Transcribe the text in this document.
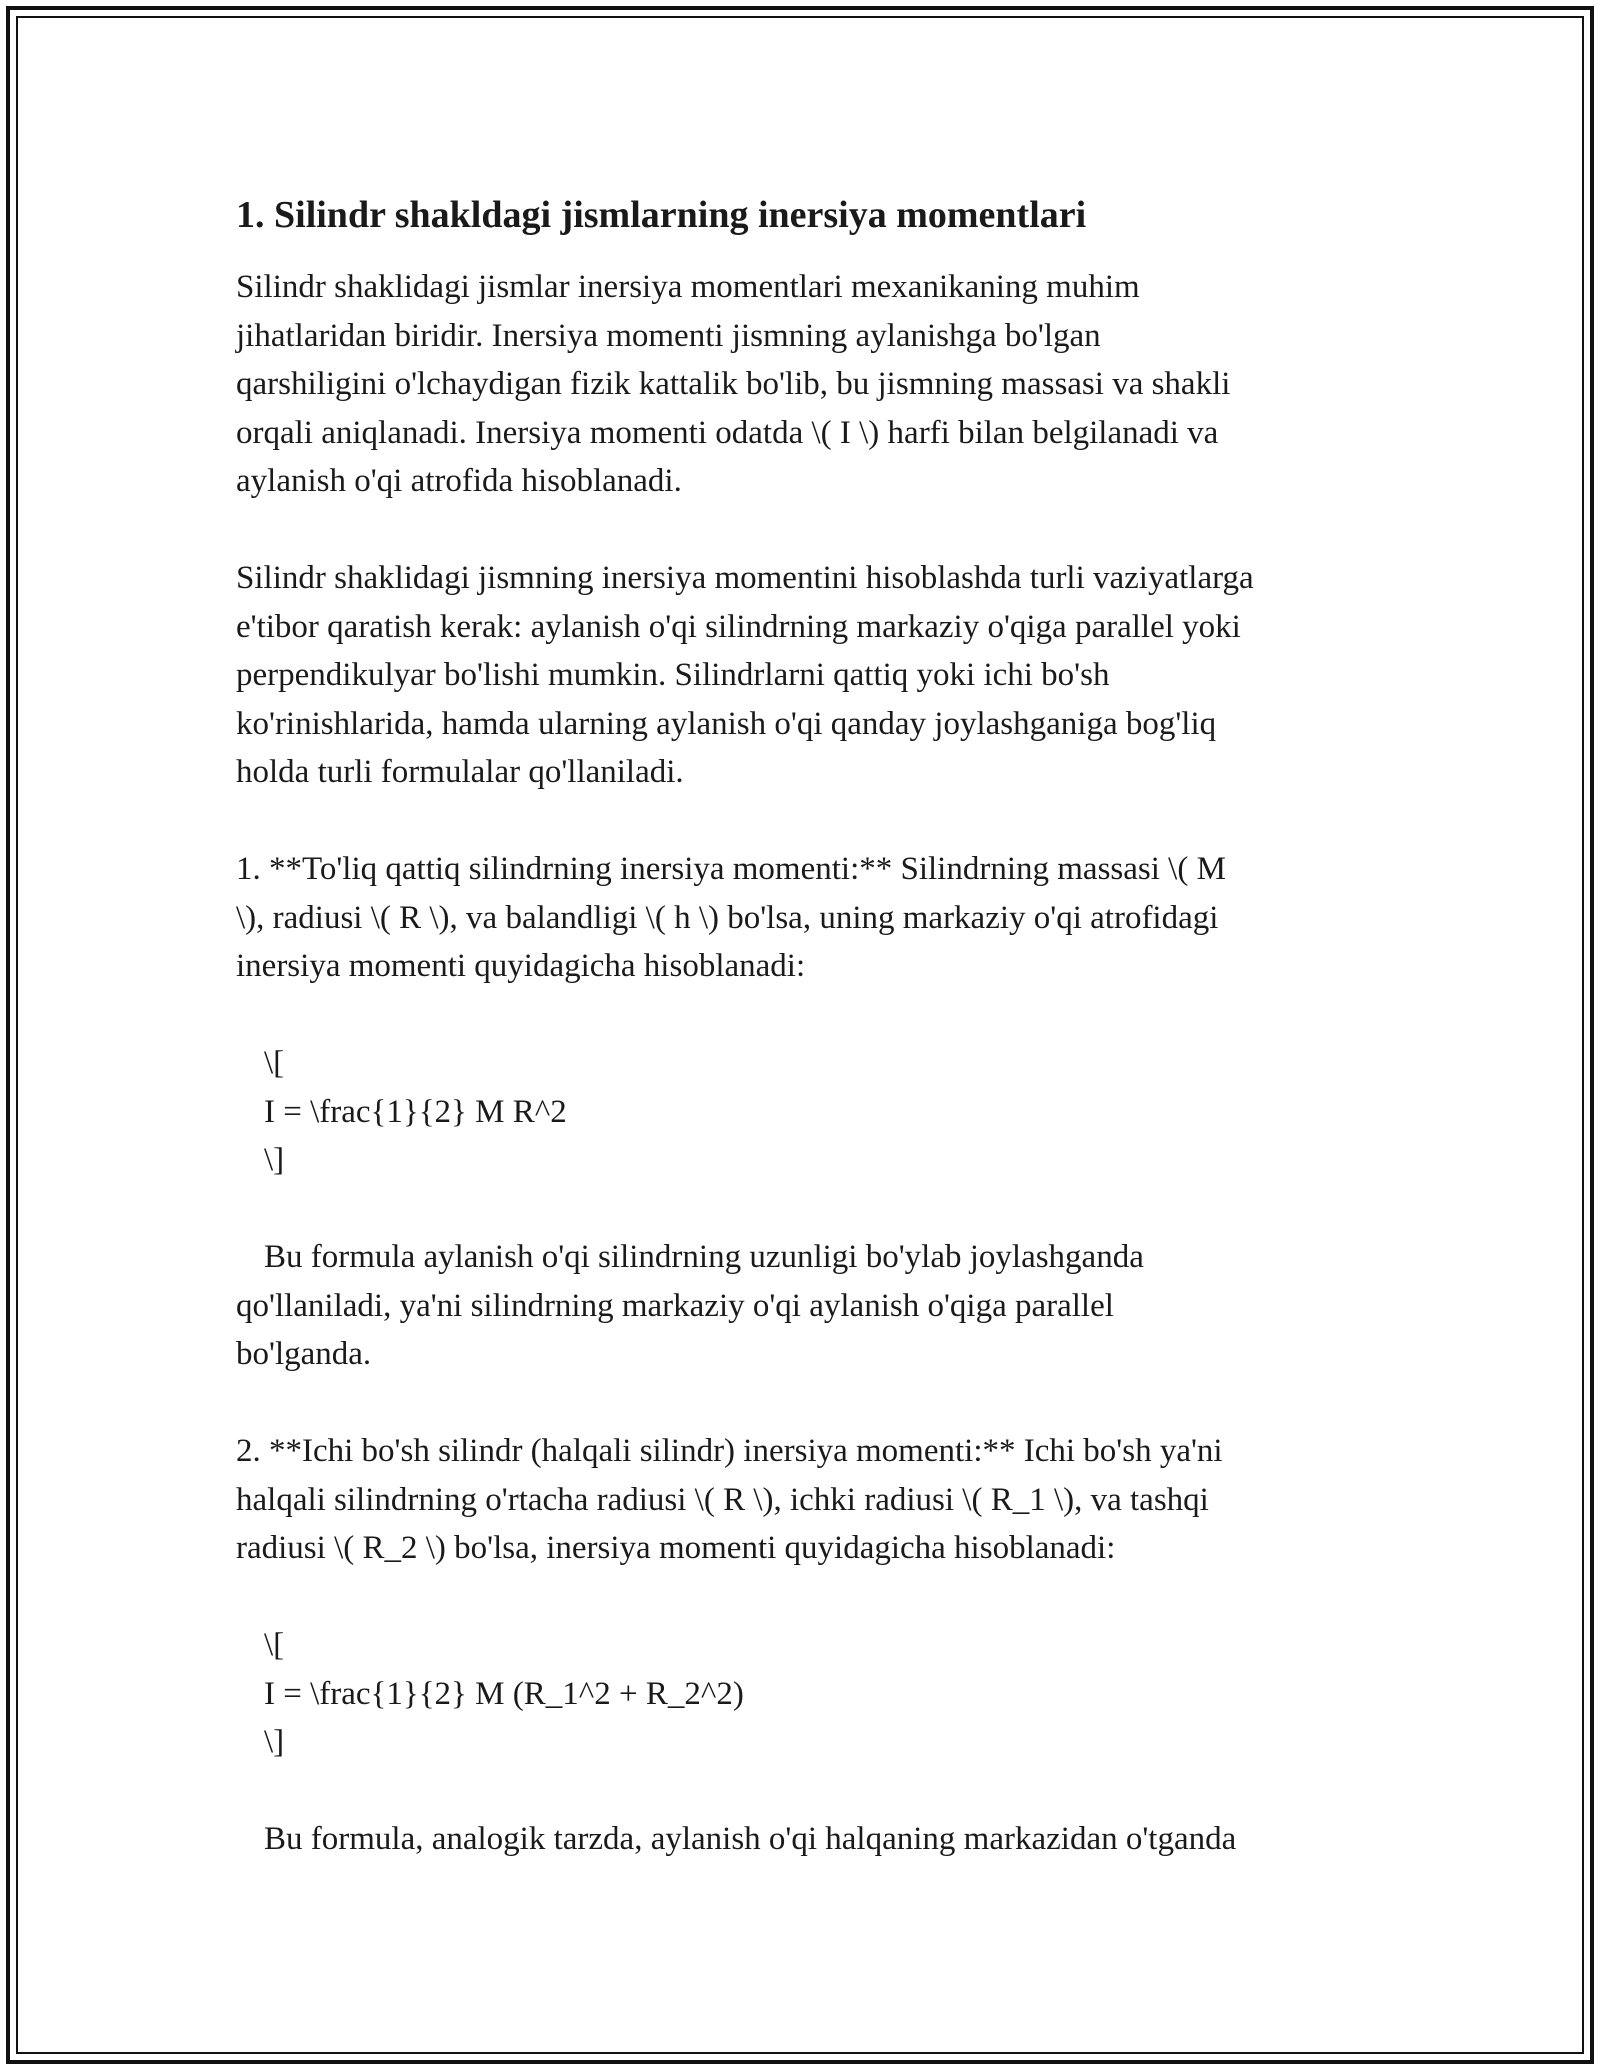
1. Silindr shakldagi jismlarning inersiya momentlari

Silindr shaklidagi jismlar inersiya momentlari mexanikaning muhim
jihatlaridan biridir. Inersiya momenti jismning aylanishga bo'lgan
qarshiligini o'lchaydigan fizik kattalik bo'lib, bu jismning massasi va shakli
orqali aniqlanadi. Inersiya momenti odatda \( I \) harfi bilan belgilanadi va
aylanish o'qi atrofida hisoblanadi.

Silindr shaklidagi jismning inersiya momentini hisoblashda turli vaziyatlarga
e'tibor qaratish kerak: aylanish o'qi silindrning markaziy o'qiga parallel yoki
perpendikulyar bo'lishi mumkin. Silindrlarni qattiq yoki ichi bo'sh
ko'rinishlarida, hamda ularning aylanish o'qi qanday joylashganiga bog'liq
holda turli formulalar qo'llaniladi.

1. **To'liq qattiq silindrning inersiya momenti:** Silindrning massasi \( M
\), radiusi \( R \), va balandligi \( h \) bo'lsa, uning markaziy o'qi atrofidagi
inersiya momenti quyidagicha hisoblanadi:

\[
I = \frac{1}{2} M R^2
\]

Bu formula aylanish o'qi silindrning uzunligi bo'ylab joylashganda
qo'llaniladi, ya'ni silindrning markaziy o'qi aylanish o'qiga parallel
bo'lganda.

2. **Ichi bo'sh silindr (halqali silindr) inersiya momenti:** Ichi bo'sh ya'ni
halqali silindrning o'rtacha radiusi \( R \), ichki radiusi \( R_1 \), va tashqi
radiusi \( R_2 \) bo'lsa, inersiya momenti quyidagicha hisoblanadi:

\[
I = \frac{1}{2} M (R_1^2 + R_2^2)
\]

Bu formula, analogik tarzda, aylanish o'qi halqaning markazidan o'tganda
